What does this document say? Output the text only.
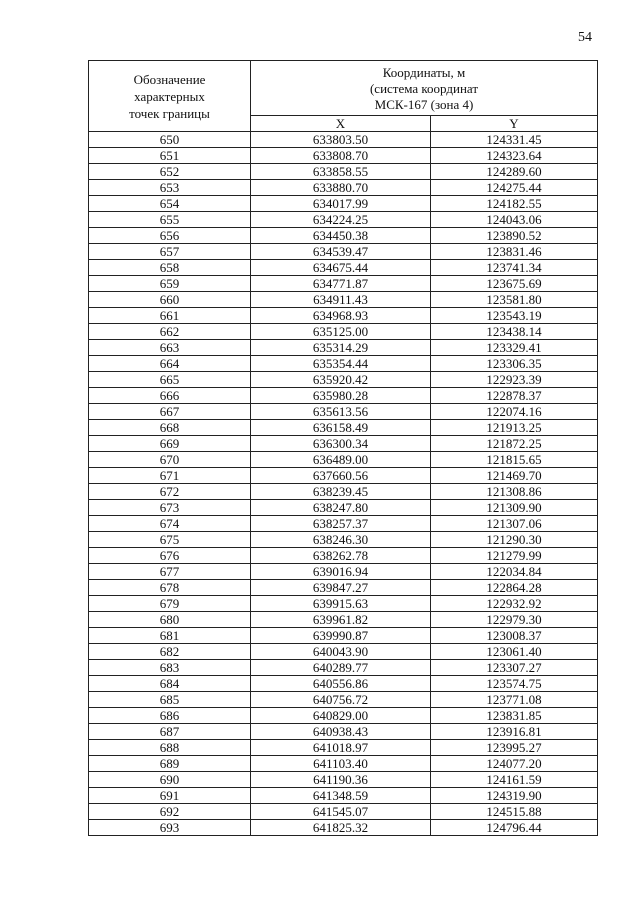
54
Обозначение
характерных
точек границы	Координаты, м
(система координат
МСК-167 (зона 4)	
	X	Y
650	633803.50	124331.45
651	633808.70	124323.64
652	633858.55	124289.60
653	633880.70	124275.44
654	634017.99	124182.55
655	634224.25	124043.06
656	634450.38	123890.52
657	634539.47	123831.46
658	634675.44	123741.34
659	634771.87	123675.69
660	634911.43	123581.80
661	634968.93	123543.19
662	635125.00	123438.14
663	635314.29	123329.41
664	635354.44	123306.35
665	635920.42	122923.39
666	635980.28	122878.37
667	635613.56	122074.16
668	636158.49	121913.25
669	636300.34	121872.25
670	636489.00	121815.65
671	637660.56	121469.70
672	638239.45	121308.86
673	638247.80	121309.90
674	638257.37	121307.06
675	638246.30	121290.30
676	638262.78	121279.99
677	639016.94	122034.84
678	639847.27	122864.28
679	639915.63	122932.92
680	639961.82	122979.30
681	639990.87	123008.37
682	640043.90	123061.40
683	640289.77	123307.27
684	640556.86	123574.75
685	640756.72	123771.08
686	640829.00	123831.85
687	640938.43	123916.81
688	641018.97	123995.27
689	641103.40	124077.20
690	641190.36	124161.59
691	641348.59	124319.90
692	641545.07	124515.88
693	641825.32	124796.44
